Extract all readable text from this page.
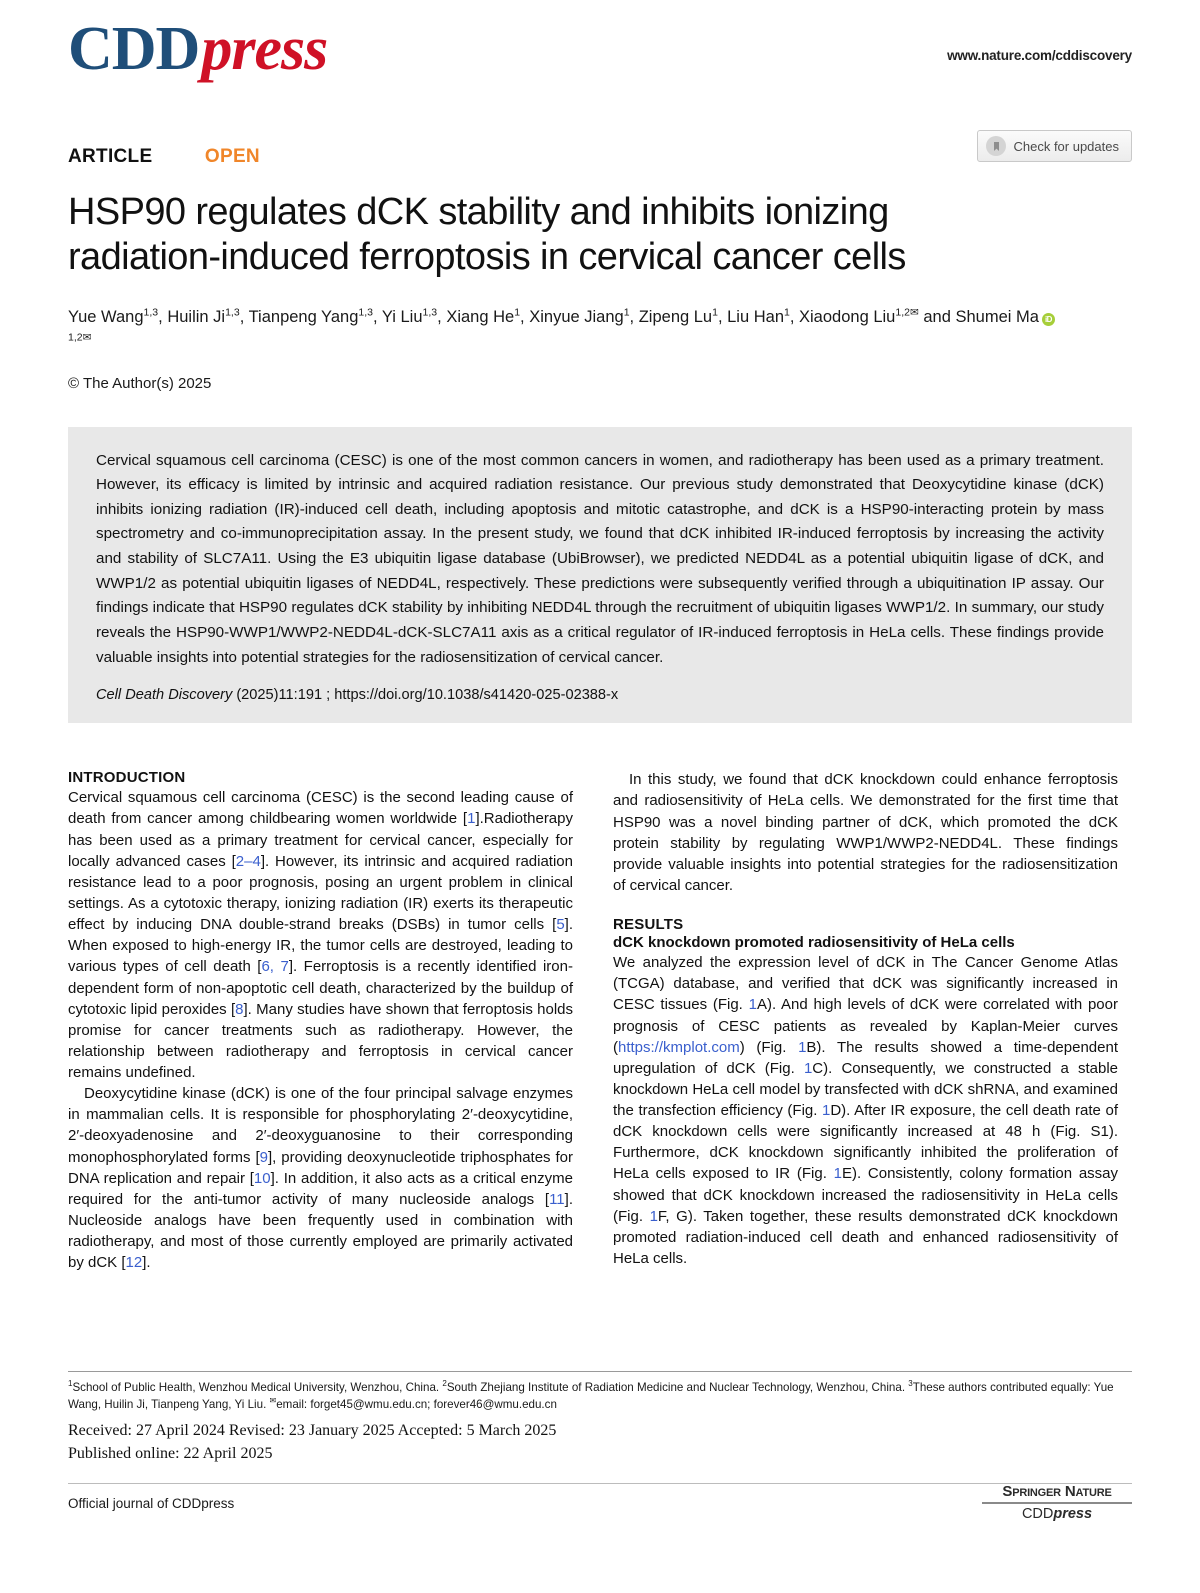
CDDpress	www.nature.com/cddiscovery
ARTICLE	OPEN	Check for updates
HSP90 regulates dCK stability and inhibits ionizing radiation-induced ferroptosis in cervical cancer cells
Yue Wang$^{1,3}$, Huilin Ji$^{1,3}$, Tianpeng Yang$^{1,3}$, Yi Liu$^{1,3}$, Xiang He$^1$, Xinyue Jiang$^1$, Zipeng Lu$^1$, Liu Han$^1$, Xiaodong Liu$^{1,2✉}$ and Shumei Ma $iD^{1,2✉}$
© The Author(s) 2025
Cervical squamous cell carcinoma (CESC) is one of the most common cancers in women, and radiotherapy has been used as a primary treatment. However, its efficacy is limited by intrinsic and acquired radiation resistance. Our previous study demonstrated that Deoxycytidine kinase (dCK) inhibits ionizing radiation (IR)-induced cell death, including apoptosis and mitotic catastrophe, and dCK is a HSP90-interacting protein by mass spectrometry and co-immunoprecipitation assay. In the present study, we found that dCK inhibited IR-induced ferroptosis by increasing the activity and stability of SLC7A11. Using the E3 ubiquitin ligase database (UbiBrowser), we predicted NEDD4L as a potential ubiquitin ligase of dCK, and WWP1/2 as potential ubiquitin ligases of NEDD4L, respectively. These predictions were subsequently verified through a ubiquitination IP assay. Our findings indicate that HSP90 regulates dCK stability by inhibiting NEDD4L through the recruitment of ubiquitin ligases WWP1/2. In summary, our study reveals the HSP90-WWP1/WWP2-NEDD4L-dCK-SLC7A11 axis as a critical regulator of IR-induced ferroptosis in HeLa cells. These findings provide valuable insights into potential strategies for the radiosensitization of cervical cancer.
Cell Death Discovery (2025)11:191 ; https://doi.org/10.1038/s41420-025-02388-x
INTRODUCTION

Cervical squamous cell carcinoma (CESC) is the second leading cause of death from cancer among childbearing women worldwide [1].Radiotherapy has been used as a primary treatment for cervical cancer, especially for locally advanced cases [2–4]. However, its intrinsic and acquired radiation resistance lead to a poor prognosis, posing an urgent problem in clinical settings. As a cytotoxic therapy, ionizing radiation (IR) exerts its therapeutic effect by inducing DNA double-strand breaks (DSBs) in tumor cells [5]. When exposed to high-energy IR, the tumor cells are destroyed, leading to various types of cell death [6, 7]. Ferroptosis is a recently identified iron-dependent form of non-apoptotic cell death, characterized by the buildup of cytotoxic lipid peroxides [8]. Many studies have shown that ferroptosis holds promise for cancer treatments such as radiotherapy. However, the relationship between radiotherapy and ferroptosis in cervical cancer remains undefined.

Deoxycytidine kinase (dCK) is one of the four principal salvage enzymes in mammalian cells. It is responsible for phosphorylating 2′-deoxycytidine, 2′-deoxyadenosine and 2′-deoxyguanosine to their corresponding monophosphorylated forms [9], providing deoxynucleotide triphosphates for DNA replication and repair [10]. In addition, it also acts as a critical enzyme required for the anti-tumor activity of many nucleoside analogs [11]. Nucleoside analogs have been frequently used in combination with radiotherapy, and most of those currently employed are primarily activated by dCK [12].

In this study, we found that dCK knockdown could enhance ferroptosis and radiosensitivity of HeLa cells. We demonstrated for the first time that HSP90 was a novel binding partner of dCK, which promoted the dCK protein stability by regulating WWP1/WWP2-NEDD4L. These findings provide valuable insights into potential strategies for the radiosensitization of cervical cancer.

RESULTS
dCK knockdown promoted radiosensitivity of HeLa cells

We analyzed the expression level of dCK in The Cancer Genome Atlas (TCGA) database, and verified that dCK was significantly increased in CESC tissues (Fig. 1A). And high levels of dCK were correlated with poor prognosis of CESC patients as revealed by Kaplan-Meier curves (https://kmplot.com) (Fig. 1B). The results showed a time-dependent upregulation of dCK (Fig. 1C). Consequently, we constructed a stable knockdown HeLa cell model by transfected with dCK shRNA, and examined the transfection efficiency (Fig. 1D). After IR exposure, the cell death rate of dCK knockdown cells were significantly increased at 48 h (Fig. S1). Furthermore, dCK knockdown significantly inhibited the proliferation of HeLa cells exposed to IR (Fig. 1E). Consistently, colony formation assay showed that dCK knockdown increased the radiosensitivity in HeLa cells (Fig. 1F, G). Taken together, these results demonstrated dCK knockdown promoted radiation-induced cell death and enhanced radiosensitivity of HeLa cells.

$^1$School of Public Health, Wenzhou Medical University, Wenzhou, China. $^2$South Zhejiang Institute of Radiation Medicine and Nuclear Technology, Wenzhou, China. $^3$These authors contributed equally: Yue Wang, Huilin Ji, Tianpeng Yang, Yi Liu. ✉email: forget45@wmu.edu.cn; forever46@wmu.edu.cn
Received: 27 April 2024 Revised: 23 January 2025 Accepted: 5 March 2025
Published online: 22 April 2025
Official journal of CDDpress
Springer Nature
CDDpress
